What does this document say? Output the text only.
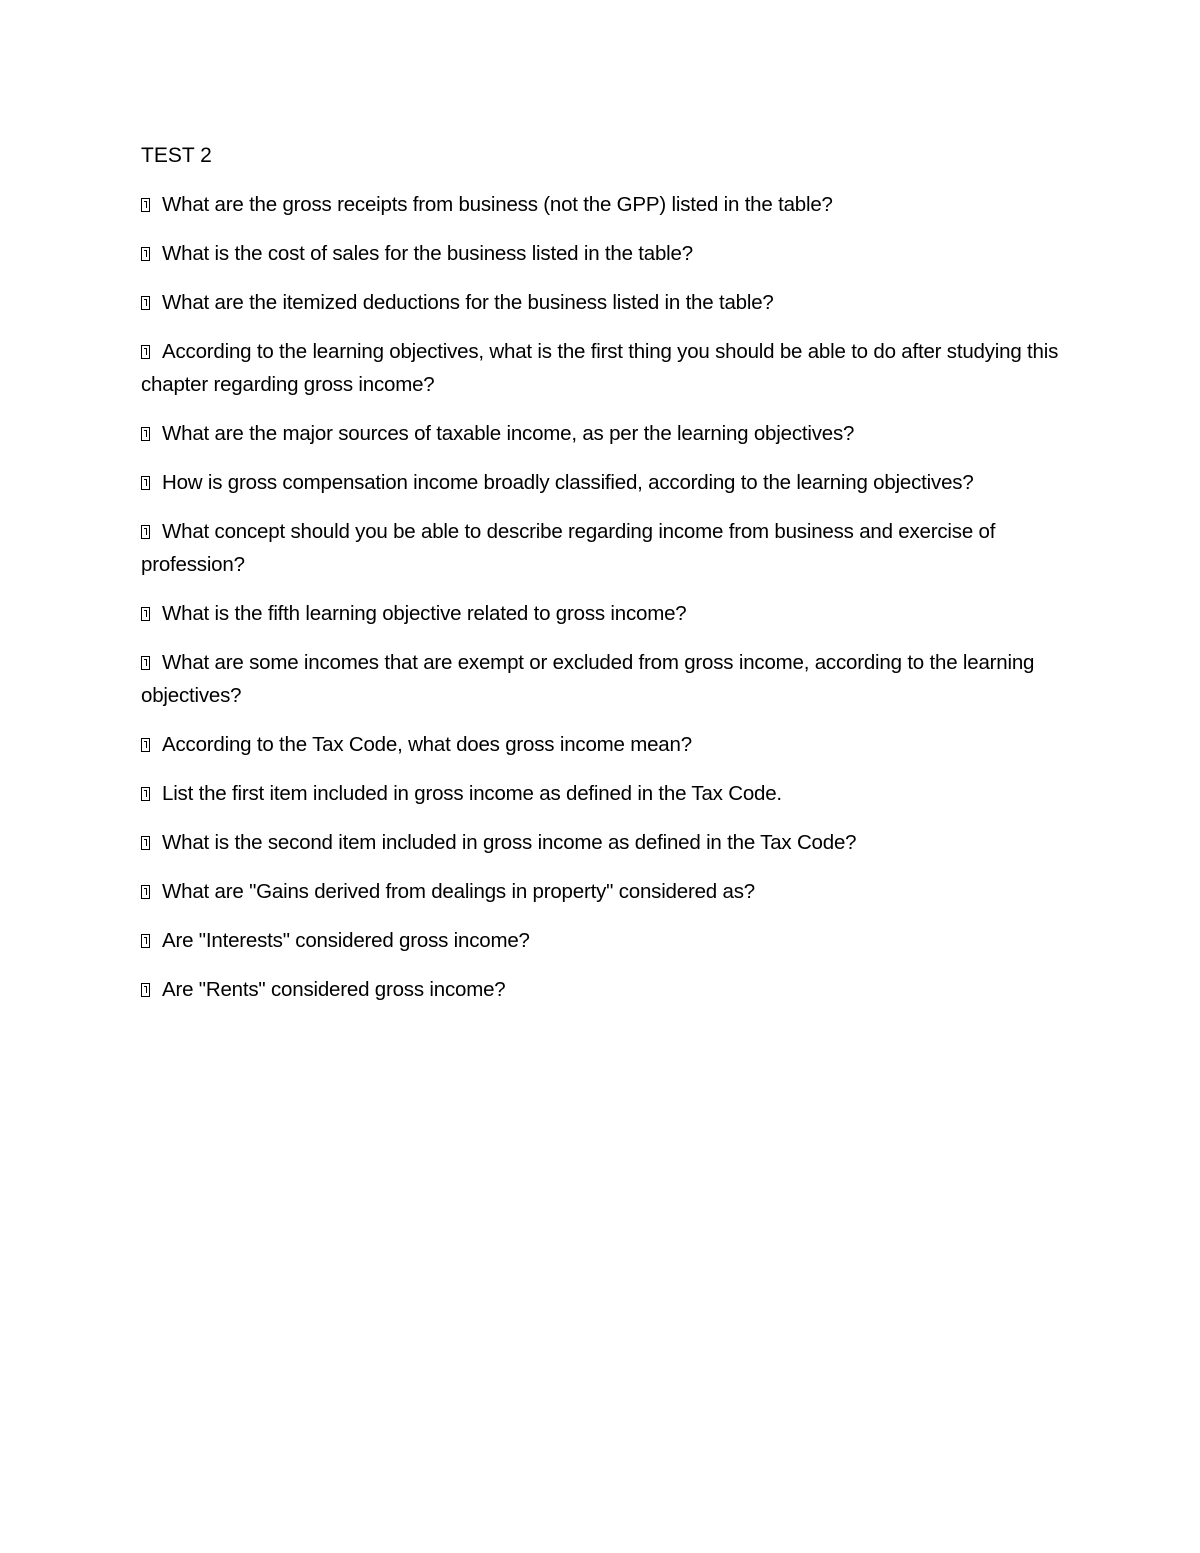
TEST 2
What are the gross receipts from business (not the GPP) listed in the table?
What is the cost of sales for the business listed in the table?
What are the itemized deductions for the business listed in the table?
According to the learning objectives, what is the first thing you should be able to do after studying this chapter regarding gross income?
What are the major sources of taxable income, as per the learning objectives?
How is gross compensation income broadly classified, according to the learning objectives?
What concept should you be able to describe regarding income from business and exercise of profession?
What is the fifth learning objective related to gross income?
What are some incomes that are exempt or excluded from gross income, according to the learning objectives?
According to the Tax Code, what does gross income mean?
List the first item included in gross income as defined in the Tax Code.
What is the second item included in gross income as defined in the Tax Code?
What are "Gains derived from dealings in property" considered as?
Are "Interests" considered gross income?
Are "Rents" considered gross income?
